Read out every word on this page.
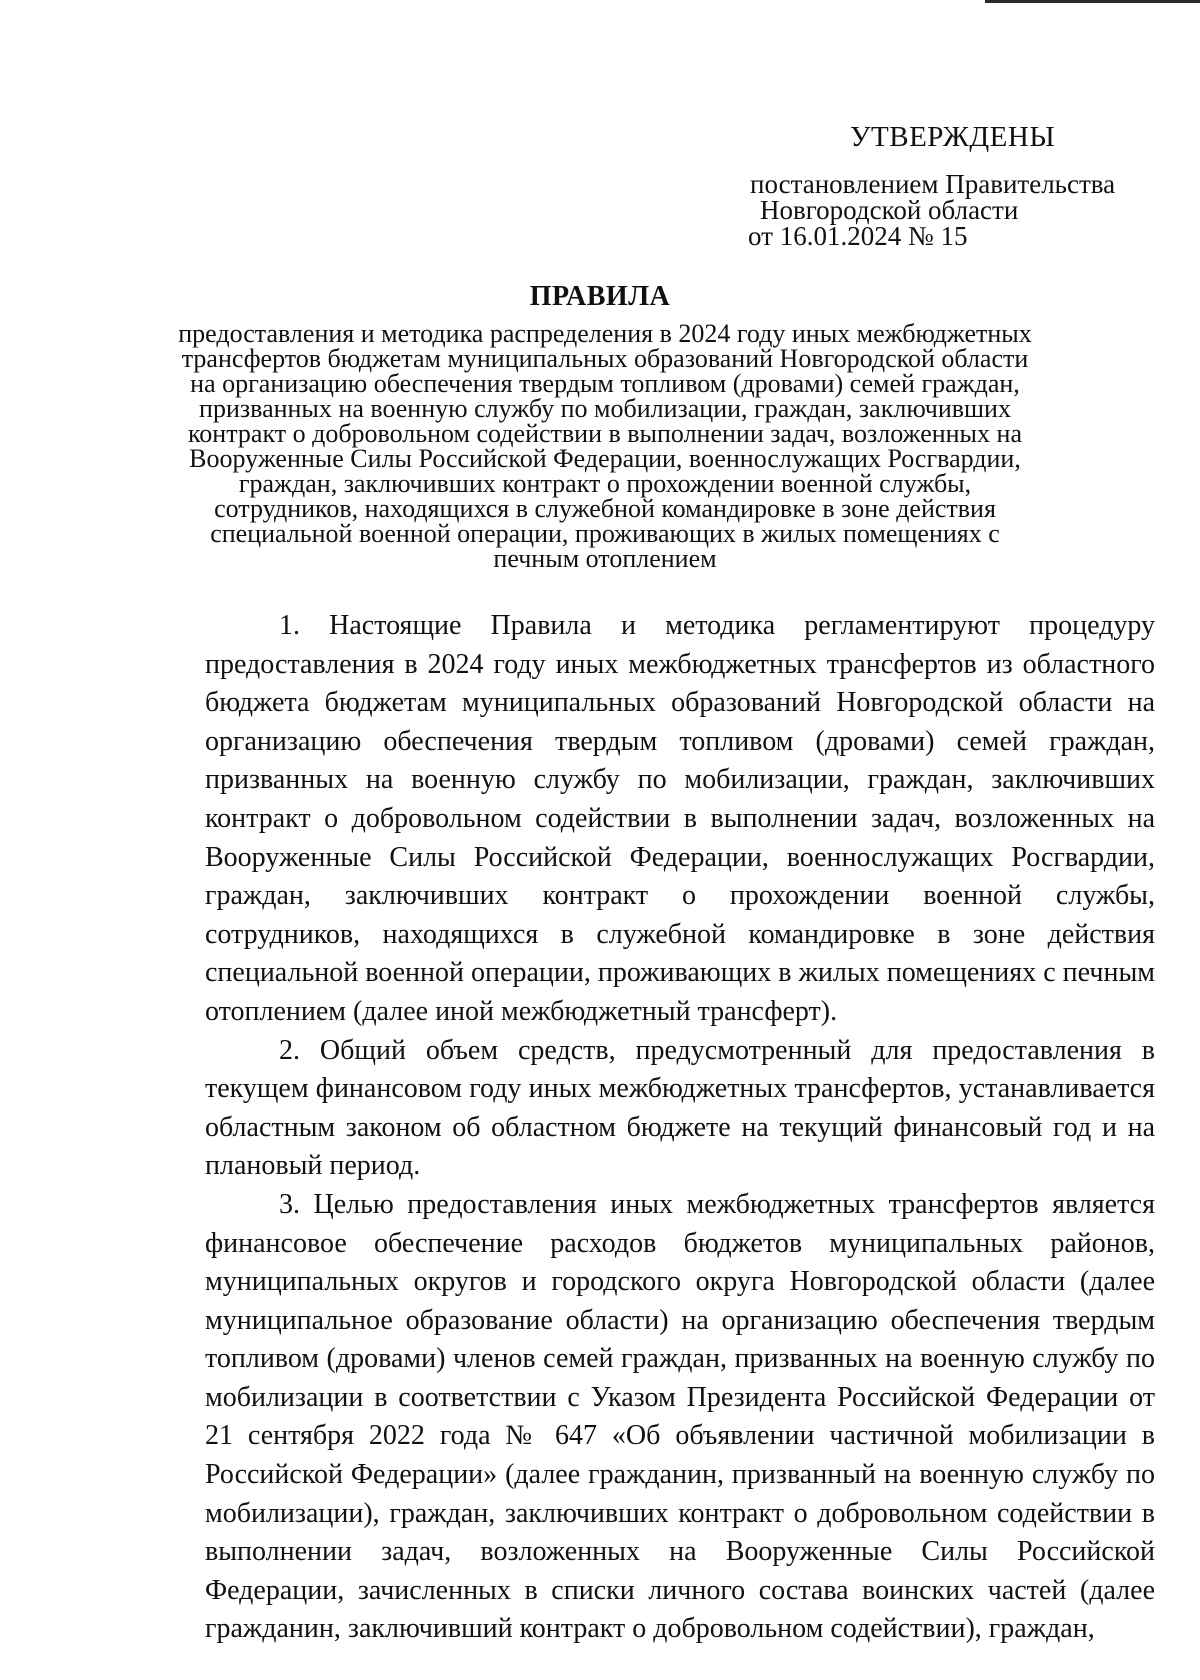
УТВЕРЖДЕНЫ
постановлением Правительства
Новгородской области
от 16.01.2024 № 15
ПРАВИЛА
предоставления и методика распределения в 2024 году иных межбюджетных
трансфертов бюджетам муниципальных образований Новгородской области
на организацию обеспечения твердым топливом (дровами) семей граждан,
призванных на военную службу по мобилизации, граждан, заключивших
контракт о добровольном содействии в выполнении задач, возложенных на
Вооруженные Силы Российской Федерации, военнослужащих Росгвардии,
граждан, заключивших контракт о прохождении военной службы,
сотрудников, находящихся в служебной командировке в зоне действия
специальной военной операции, проживающих в жилых помещениях с
печным отоплением

1. Настоящие Правила и методика регламентируют процедуру предоставления в 2024 году иных межбюджетных трансфертов из областного бюджета бюджетам муниципальных образований Новгородской области на организацию обеспечения твердым топливом (дровами) семей граждан, призванных на военную службу по мобилизации, граждан, заключивших контракт о добровольном содействии в выполнении задач, возложенных на Вооруженные Силы Российской Федерации, военнослужащих Росгвардии, граждан, заключивших контракт о прохождении военной службы, сотрудников, находящихся в служебной командировке в зоне действия специальной военной операции, проживающих в жилых помещениях с печным отоплением (далее иной межбюджетный трансферт).

2. Общий объем средств, предусмотренный для предоставления в текущем финансовом году иных межбюджетных трансфертов, устанавливается областным законом об областном бюджете на текущий финансовый год и на плановый период.

3. Целью предоставления иных межбюджетных трансфертов является финансовое обеспечение расходов бюджетов муниципальных районов, муниципальных округов и городского округа Новгородской области (далее муниципальное образование области) на организацию обеспечения твердым топливом (дровами) членов семей граждан, призванных на военную службу по мобилизации в соответствии с Указом Президента Российской Федерации от 21 сентября 2022 года № 647 «Об объявлении частичной мобилизации в Российской Федерации» (далее гражданин, призванный на военную службу по мобилизации), граждан, заключивших контракт о добровольном содействии в выполнении задач, возложенных на Вооруженные Силы Российской Федерации, зачисленных в списки личного состава воинских частей (далее гражданин, заключивший контракт о добровольном содействии), граждан,
